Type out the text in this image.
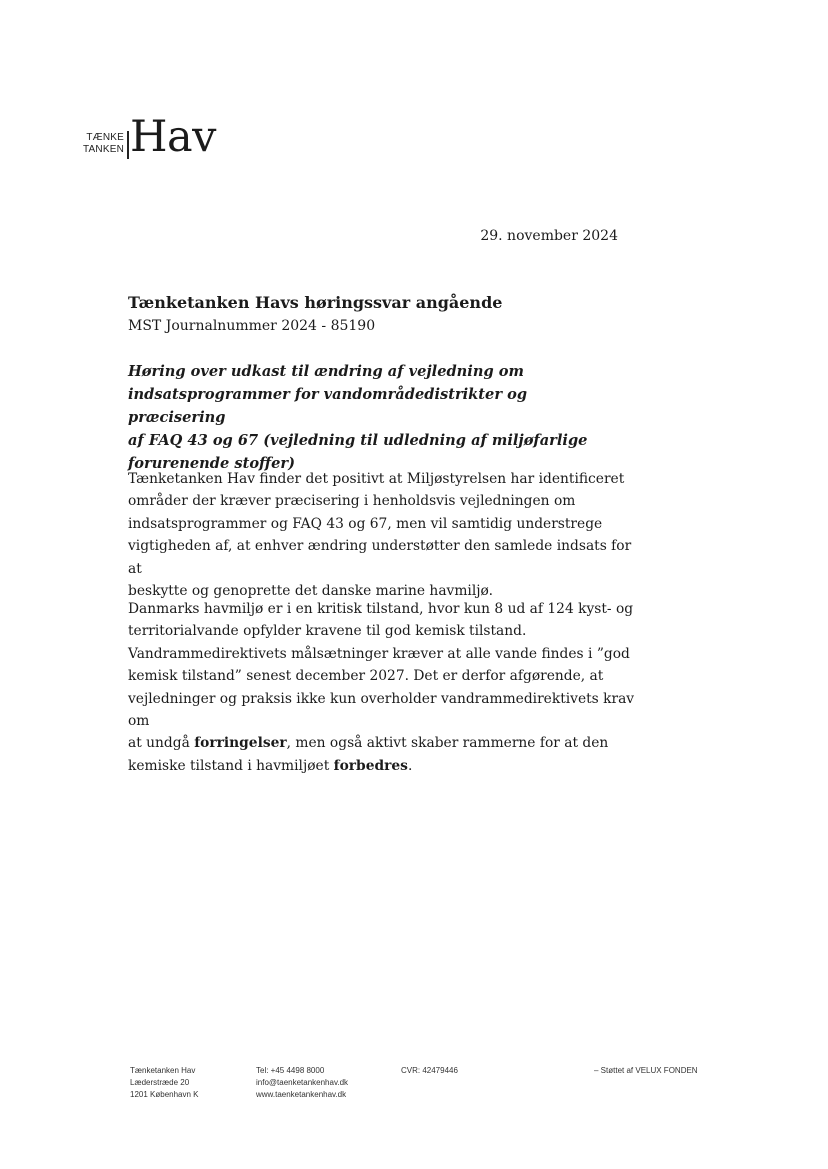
TÆNKE
TANKEN Hav
29. november 2024
Tænketanken Havs høringssvar angående
MST Journalnummer 2024 - 85190
Høring over udkast til ændring af vejledning om
indsatsprogrammer for vandområdedistrikter og præcisering
af FAQ 43 og 67 (vejledning til udledning af miljøfarlige
forurenende stoffer)
Tænketanken Hav finder det positivt at Miljøstyrelsen har identificeret
områder der kræver præcisering i henholdsvis vejledningen om
indsatsprogrammer og FAQ 43 og 67, men vil samtidig understrege
vigtigheden af, at enhver ændring understøtter den samlede indsats for at
beskytte og genoprette det danske marine havmiljø.
Danmarks havmiljø er i en kritisk tilstand, hvor kun 8 ud af 124 kyst- og
territorialvande opfylder kravene til god kemisk tilstand.
Vandrammedirektivets målsætninger kræver at alle vande findes i ”god
kemisk tilstand” senest december 2027. Det er derfor afgørende, at
vejledninger og praksis ikke kun overholder vandrammedirektivets krav om
at undgå forringelser, men også aktivt skaber rammerne for at den
kemiske tilstand i havmiljøet forbedres.
Tænketanken Hav
Læderstræde 20
1201 København K
Tel: +45 4498 8000
info@taenketankenhav.dk
www.taenketankenhav.dk
CVR: 42479446	– Støttet af VELUX FONDEN
